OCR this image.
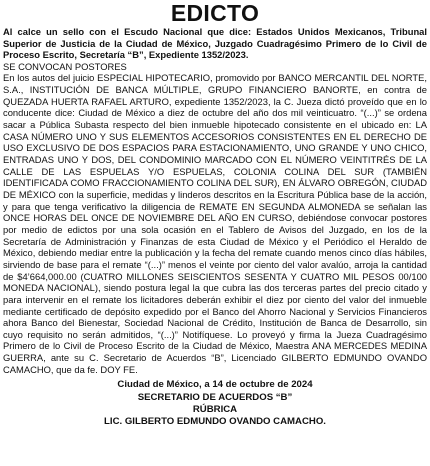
EDICTO

Al calce un sello con el Escudo Nacional que dice: Estados Unidos Mexicanos, Tribunal Superior de Justicia de la Ciudad de México, Juzgado Cuadragésimo Primero de lo Civil de Proceso Escrito, Secretaría “B”, Expediente 1352/2023.

SE CONVOCAN POSTORES

En los autos del juicio ESPECIAL HIPOTECARIO, promovido por BANCO MERCANTIL DEL NORTE, S.A., INSTITUCIÓN DE BANCA MÚLTIPLE, GRUPO FINANCIERO BANORTE, en contra de QUEZADA HUERTA RAFAEL ARTURO, expediente 1352/2023, la C. Jueza dictó proveído que en lo conducente dice: Ciudad de México a diez de octubre del año dos mil veinticuatro. “(...)” se ordena sacar a Pública Subasta respecto del bien inmueble hipotecado consistente en el ubicado en: LA CASA NÚMERO UNO Y SUS ELEMENTOS ACCESORIOS CONSISTENTES EN EL DERECHO DE USO EXCLUSIVO DE DOS ESPACIOS PARA ESTACIONAMIENTO, UNO GRANDE Y UNO CHICO, ENTRADAS UNO Y DOS, DEL CONDOMINIO MARCADO CON EL NÚMERO VEINTITRÉS DE LA CALLE DE LAS ESPUELAS Y/O ESPUELAS, COLONIA COLINA DEL SUR (TAMBIÉN IDENTIFICADA COMO FRACCIONAMIENTO COLINA DEL SUR), EN ÁLVARO OBREGÓN, CIUDAD DE MÉXICO con la superficie, medidas y linderos descritos en la Escritura Pública base de la acción, y para que tenga verificativo la diligencia de REMATE EN SEGUNDA ALMONEDA se señalan las ONCE HORAS DEL ONCE DE NOVIEMBRE DEL AÑO EN CURSO, debiéndose convocar postores por medio de edictos por una sola ocasión en el Tablero de Avisos del Juzgado, en los de la Secretaría de Administración y Finanzas de esta Ciudad de México y el Periódico el Heraldo de México, debiendo mediar entre la publicación y la fecha del remate cuando menos cinco días hábiles, sirviendo de base para el remate “(...)” menos el veinte por ciento del valor avalúo, arroja la cantidad de $4’664,000.00 (CUATRO MILLONES SEISCIENTOS SESENTA Y CUATRO MIL PESOS 00/100 MONEDA NACIONAL), siendo postura legal la que cubra las dos terceras partes del precio citado y para intervenir en el remate los licitadores deberán exhibir el diez por ciento del valor del inmueble mediante certificado de depósito expedido por el Banco del Ahorro Nacional y Servicios Financieros ahora Banco del Bienestar, Sociedad Nacional de Crédito, Institución de Banca de Desarrollo, sin cuyo requisito no serán admitidos, “(...)” Notifíquese. Lo proveyó y firma la Jueza Cuadragésimo Primero de lo Civil de Proceso Escrito de la Ciudad de México, Maestra ANA MERCEDES MEDINA GUERRA, ante su C. Secretario de Acuerdos “B”, Licenciado GILBERTO EDMUNDO OVANDO CAMACHO, que da fe. DOY FE.

Ciudad de México, a 14 de octubre de 2024
SECRETARIO DE ACUERDOS “B”
RÚBRICA
LIC. GILBERTO EDMUNDO OVANDO CAMACHO.
